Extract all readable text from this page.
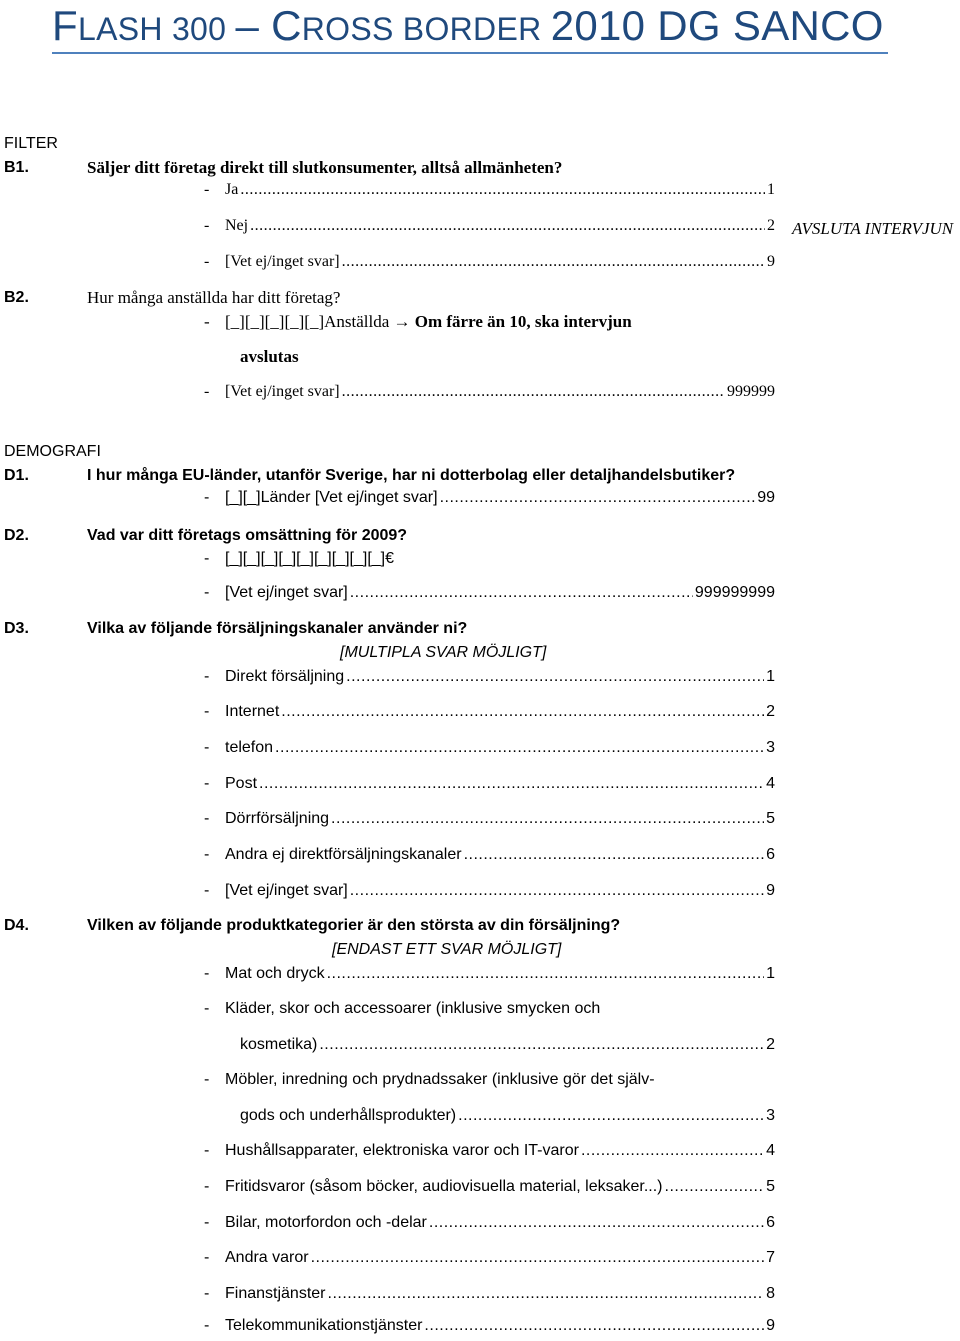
FLASH 300 – CROSS BORDER 2010 DG SANCO
FILTER
B1.	Säljer ditt företag direkt till slutkonsumenter, alltså allmänheten?
- Ja .....	1
- Nej .....	2 AVSLUTA INTERVJUN
- [Vet ej/inget svar] .....	9
B2.	Hur många anställda har ditt företag?
- [_][_][_][_][_]Anställda → Om färre än 10, ska intervjun
avslutas
- [Vet ej/inget svar] .....	999999
DEMOGRAFI
D1.	I hur många EU-länder, utanför Sverige, har ni dotterbolag eller detaljhandelsbutiker?
- [_][_]Länder [Vet ej/inget svar] .....	99
D2.	Vad var ditt företags omsättning för 2009?
- [_][_][_][_][_][_][_][_][_]€
- [Vet ej/inget svar] .....	999999999
D3.	Vilka av följande försäljningskanaler använder ni?
[MULTIPLA SVAR MÖJLIGT]
- Direkt försäljning .....	1
- Internet .....	2
- telefon .....	3
- Post .....	4
- Dörrförsäljning .....	5
- Andra ej direktförsäljningskanaler .....	6
- [Vet ej/inget svar] .....	9
D4.	Vilken av följande produktkategorier är den största av din försäljning?
[ENDAST ETT SVAR MÖJLIGT]
- Mat och dryck .....	1
- Kläder, skor och accessoarer (inklusive smycken och
kosmetika) .....	2
- Möbler, inredning och prydnadssaker (inklusive gör det själv-
gods och underhållsprodukter) .....	3
- Hushållsapparater, elektroniska varor och IT-varor .....	4
- Fritidsvaror (såsom böcker, audiovisuella material, leksaker...) .....	5
- Bilar, motorfordon och -delar .....	6
- Andra varor .....	7
- Finanstjänster .....	8
- Telekommunikationstjänster .....	9
